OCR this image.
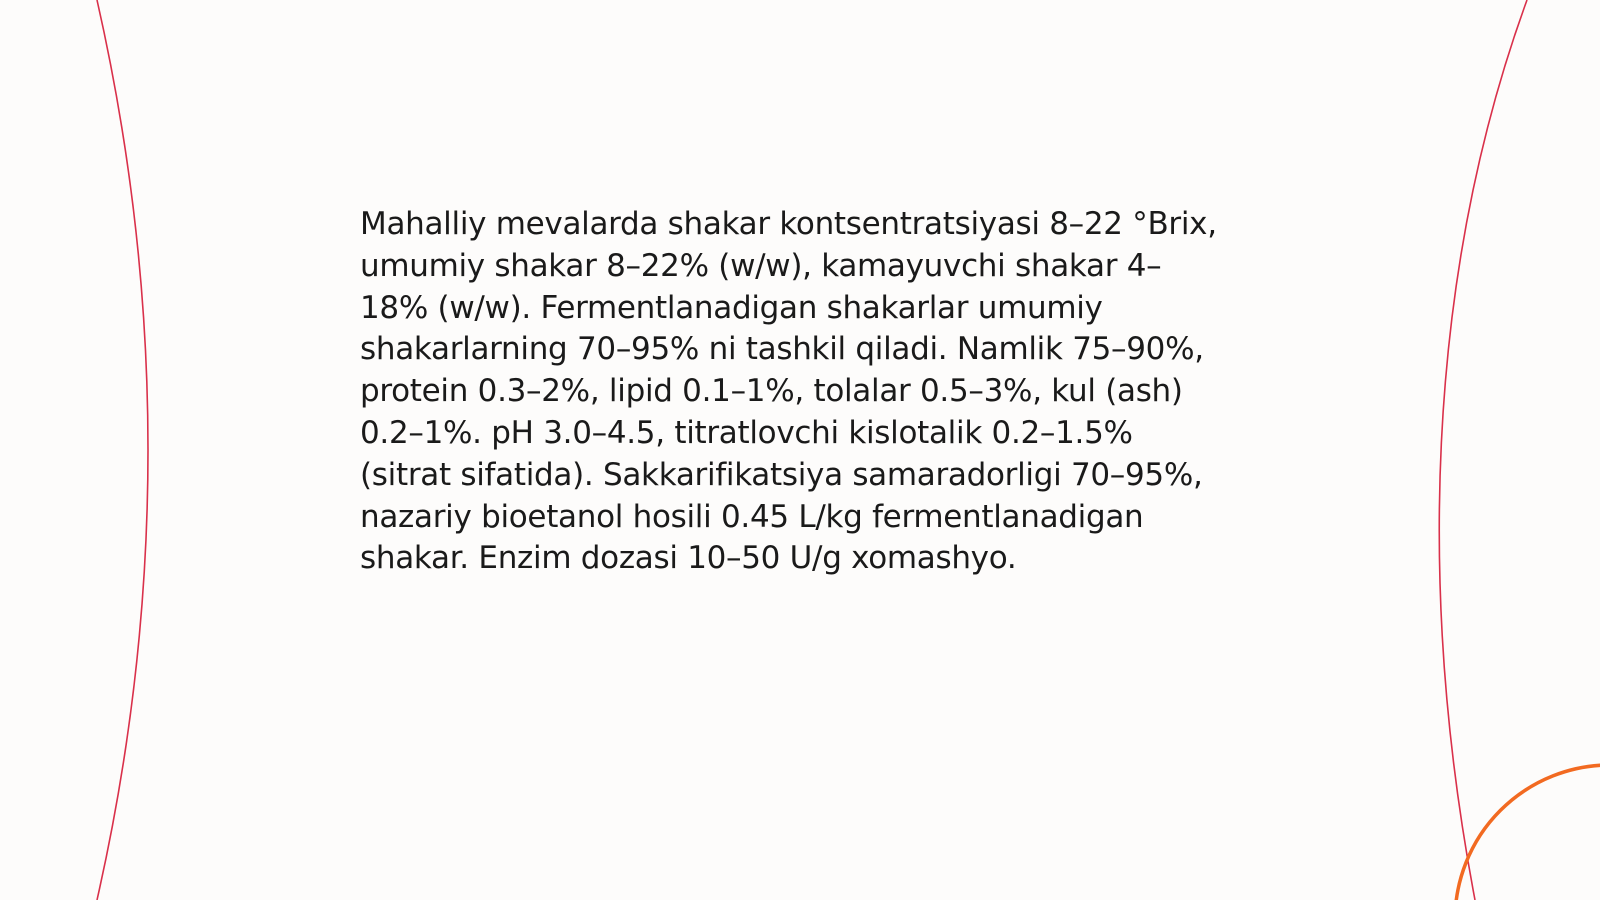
Mahalliy mevalarda shakar kontsentratsiyasi 8–22 °Brix, umumiy shakar 8–22% (w/w), kamayuvchi shakar 4–18% (w/w). Fermentlanadigan shakarlar umumiy shakarlarning 70–95% ni tashkil qiladi. Namlik 75–90%, protein 0.3–2%, lipid 0.1–1%, tolalar 0.5–3%, kul (ash) 0.2–1%. pH 3.0–4.5, titratlovchi kislotalik 0.2–1.5% (sitrat sifatida). Sakkarifikatsiya samaradorligi 70–95%, nazariy bioetanol hosili 0.45 L/kg fermentlanadigan shakar. Enzim dozasi 10–50 U/g xomashyo.
